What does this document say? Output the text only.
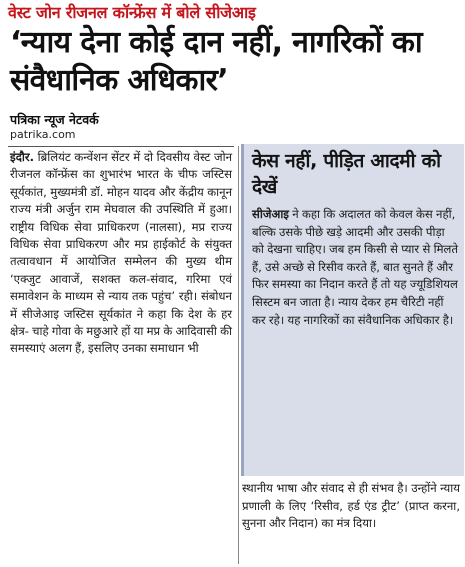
वेस्ट जोन रीजनल कॉन्फ्रेंस में बोले सीजेआइ
‘न्याय देना कोई दान नहीं, नागरिकों का संवैधानिक अधिकार’
पत्रिका न्यूज नेटवर्क
patrika.com
इंदौर. ब्रिलियंट कन्वेंशन सेंटर में दो दिवसीय वेस्ट जोन रीजनल कॉन्फ्रेंस का शुभारंभ भारत के चीफ जस्टिस सूर्यकांत, मुख्यमंत्री डॉ. मोहन यादव और केंद्रीय कानून राज्य मंत्री अर्जुन राम मेघवाल की उपस्थिति में हुआ। राष्ट्रीय विधिक सेवा प्राधिकरण (नालसा), मप्र राज्य विधिक सेवा प्राधिकरण और मप्र हाईकोर्ट के संयुक्त तत्वावधान में आयोजित सम्मेलन की मुख्य थीम ‘एक्जुट आवाजें, सशक्त कल-संवाद, गरिमा एवं समावेशन के माध्यम से न्याय तक पहुंच’ रही। संबोधन में सीजेआइ जस्टिस सूर्यकांत ने कहा कि देश के हर क्षेत्र- चाहे गोवा के मछुआरे हों या मप्र के आदिवासी की समस्याएं अलग हैं, इसलिए उनका समाधान भी
केस नहीं, पीड़ित आदमी को देखें
सीजेआइ ने कहा कि अदालत को केवल केस नहीं, बल्कि उसके पीछे खड़े आदमी और उसकी पीड़ा को देखना चाहिए। जब हम किसी से प्यार से मिलते हैं, उसे अच्छे से रिसीव करते हैं, बात सुनते हैं और फिर समस्या का निदान करते हैं तो यह ज्यूडिशियल सिस्टम बन जाता है। न्याय देकर हम चैरिटी नहीं कर रहे। यह नागरिकों का संवैधानिक अधिकार है।
स्थानीय भाषा और संवाद से ही संभव है। उन्होंने न्याय प्रणाली के लिए ‘रिसीव, हर्ड एंड ट्रीट’ (प्राप्त करना, सुनना और निदान) का मंत्र दिया।
